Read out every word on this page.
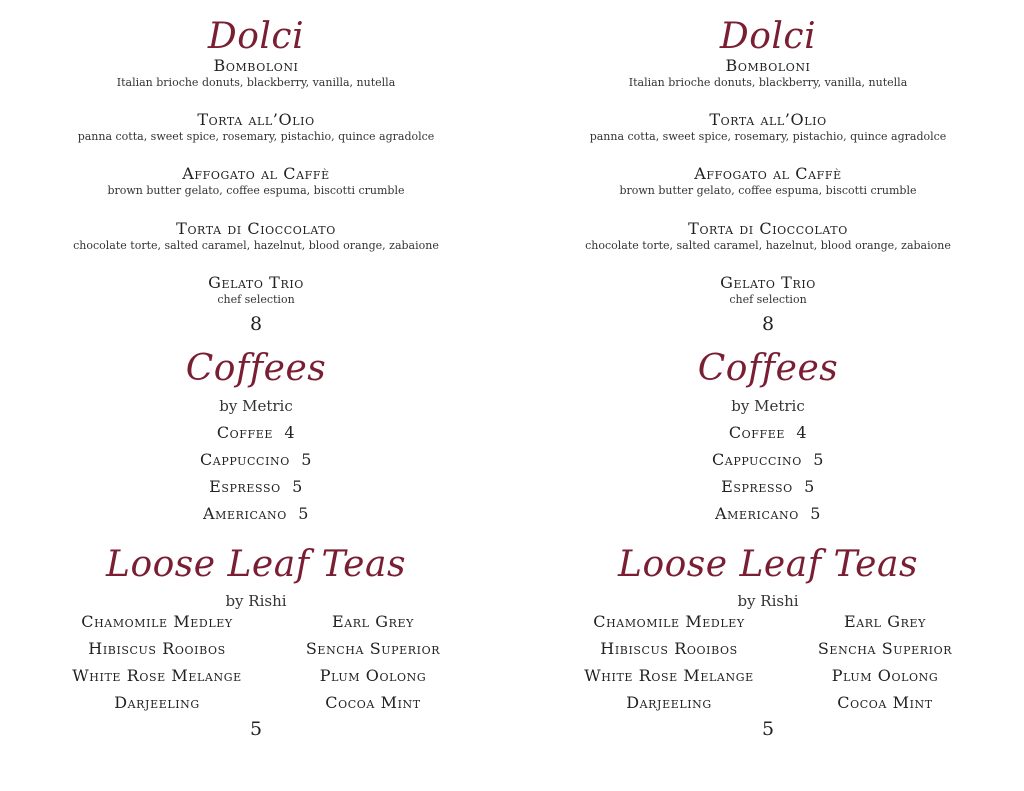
Dolci
Bomboloni
Italian brioche donuts, blackberry, vanilla, nutella
Torta all’Olio
panna cotta, sweet spice, rosemary, pistachio, quince agradolce
Affogato al Caffè
brown butter gelato, coffee espuma, biscotti crumble
Torta di Cioccolato
chocolate torte, salted caramel, hazelnut, blood orange, zabaione
Gelato Trio
chef selection
8
Coffees
by Metric
Coffee 4
Cappuccino 5
Espresso 5
Americano 5
Loose Leaf Teas
by Rishi
Chamomile Medley
Hibiscus Rooibos
White Rose Melange
Darjeeling
Earl Grey
Sencha Superior
Plum Oolong
Cocoa Mint
5
Dolci
Bomboloni
Italian brioche donuts, blackberry, vanilla, nutella
Torta all’Olio
panna cotta, sweet spice, rosemary, pistachio, quince agradolce
Affogato al Caffè
brown butter gelato, coffee espuma, biscotti crumble
Torta di Cioccolato
chocolate torte, salted caramel, hazelnut, blood orange, zabaione
Gelato Trio
chef selection
8
Coffees
by Metric
Coffee 4
Cappuccino 5
Espresso 5
Americano 5
Loose Leaf Teas
by Rishi
Chamomile Medley
Hibiscus Rooibos
White Rose Melange
Darjeeling
Earl Grey
Sencha Superior
Plum Oolong
Cocoa Mint
5
